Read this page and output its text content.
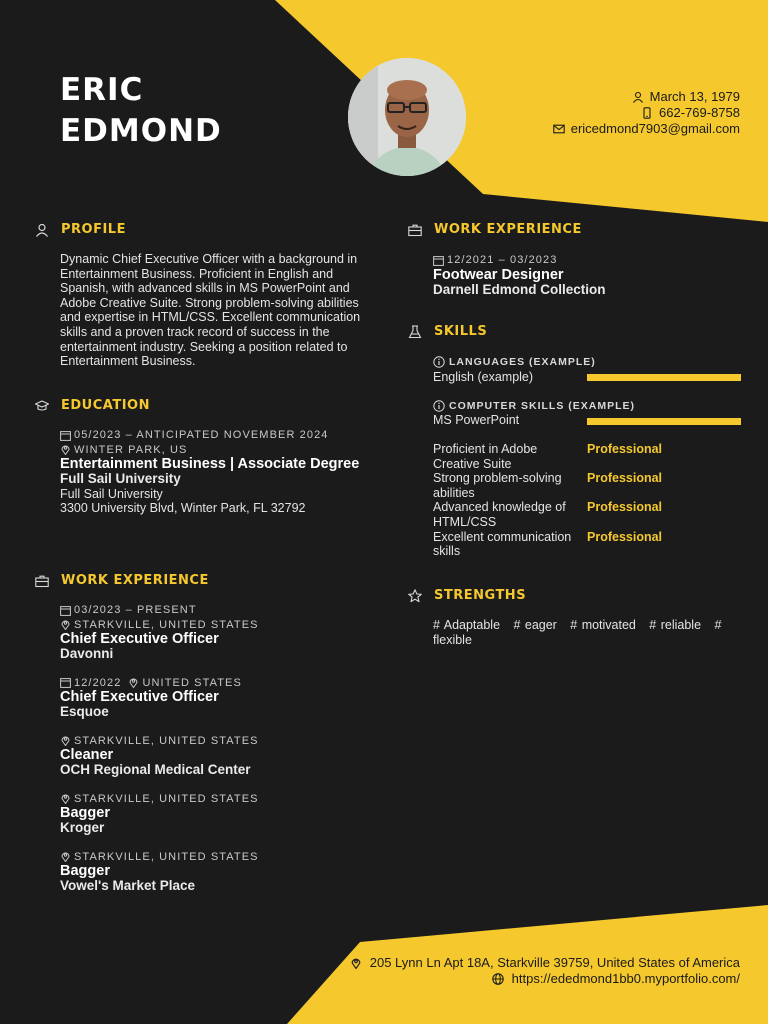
ERIC
EDMOND
March 13, 1979
662-769-8758
ericedmond7903@gmail.com
PROFILE
Dynamic Chief Executive Officer with a background in Entertainment Business. Proficient in English and Spanish, with advanced skills in MS PowerPoint and Adobe Creative Suite. Strong problem-solving abilities and expertise in HTML/CSS. Excellent communication skills and a proven track record of success in the entertainment industry. Seeking a position related to Entertainment Business.
EDUCATION
05/2023 – ANTICIPATED NOVEMBER 2024
WINTER PARK, US
Entertainment Business | Associate Degree
Full Sail University
Full Sail University
3300 University Blvd, Winter Park, FL 32792
WORK EXPERIENCE
03/2023 – PRESENT
STARKVILLE, UNITED STATES
Chief Executive Officer
Davonni
12/2022 UNITED STATES
Chief Executive Officer
Esquoe
STARKVILLE, UNITED STATES
Cleaner
OCH Regional Medical Center
STARKVILLE, UNITED STATES
Bagger
Kroger
STARKVILLE, UNITED STATES
Bagger
Vowel's Market Place
WORK EXPERIENCE
12/2021 – 03/2023
Footwear Designer
Darnell Edmond Collection
SKILLS
LANGUAGES (EXAMPLE)
English (example)
COMPUTER SKILLS (EXAMPLE)
MS PowerPoint
Proficient in Adobe Creative Suite
Professional
Strong problem-solving abilities
Professional
Advanced knowledge of HTML/CSS
Professional
Excellent communication skills
Professional
STRENGTHS
# Adaptable   # eager   # motivated   # reliable   # flexible
205 Lynn Ln Apt 18A, Starkville 39759, United States of America
https://ededmond1bb0.myportfolio.com/
